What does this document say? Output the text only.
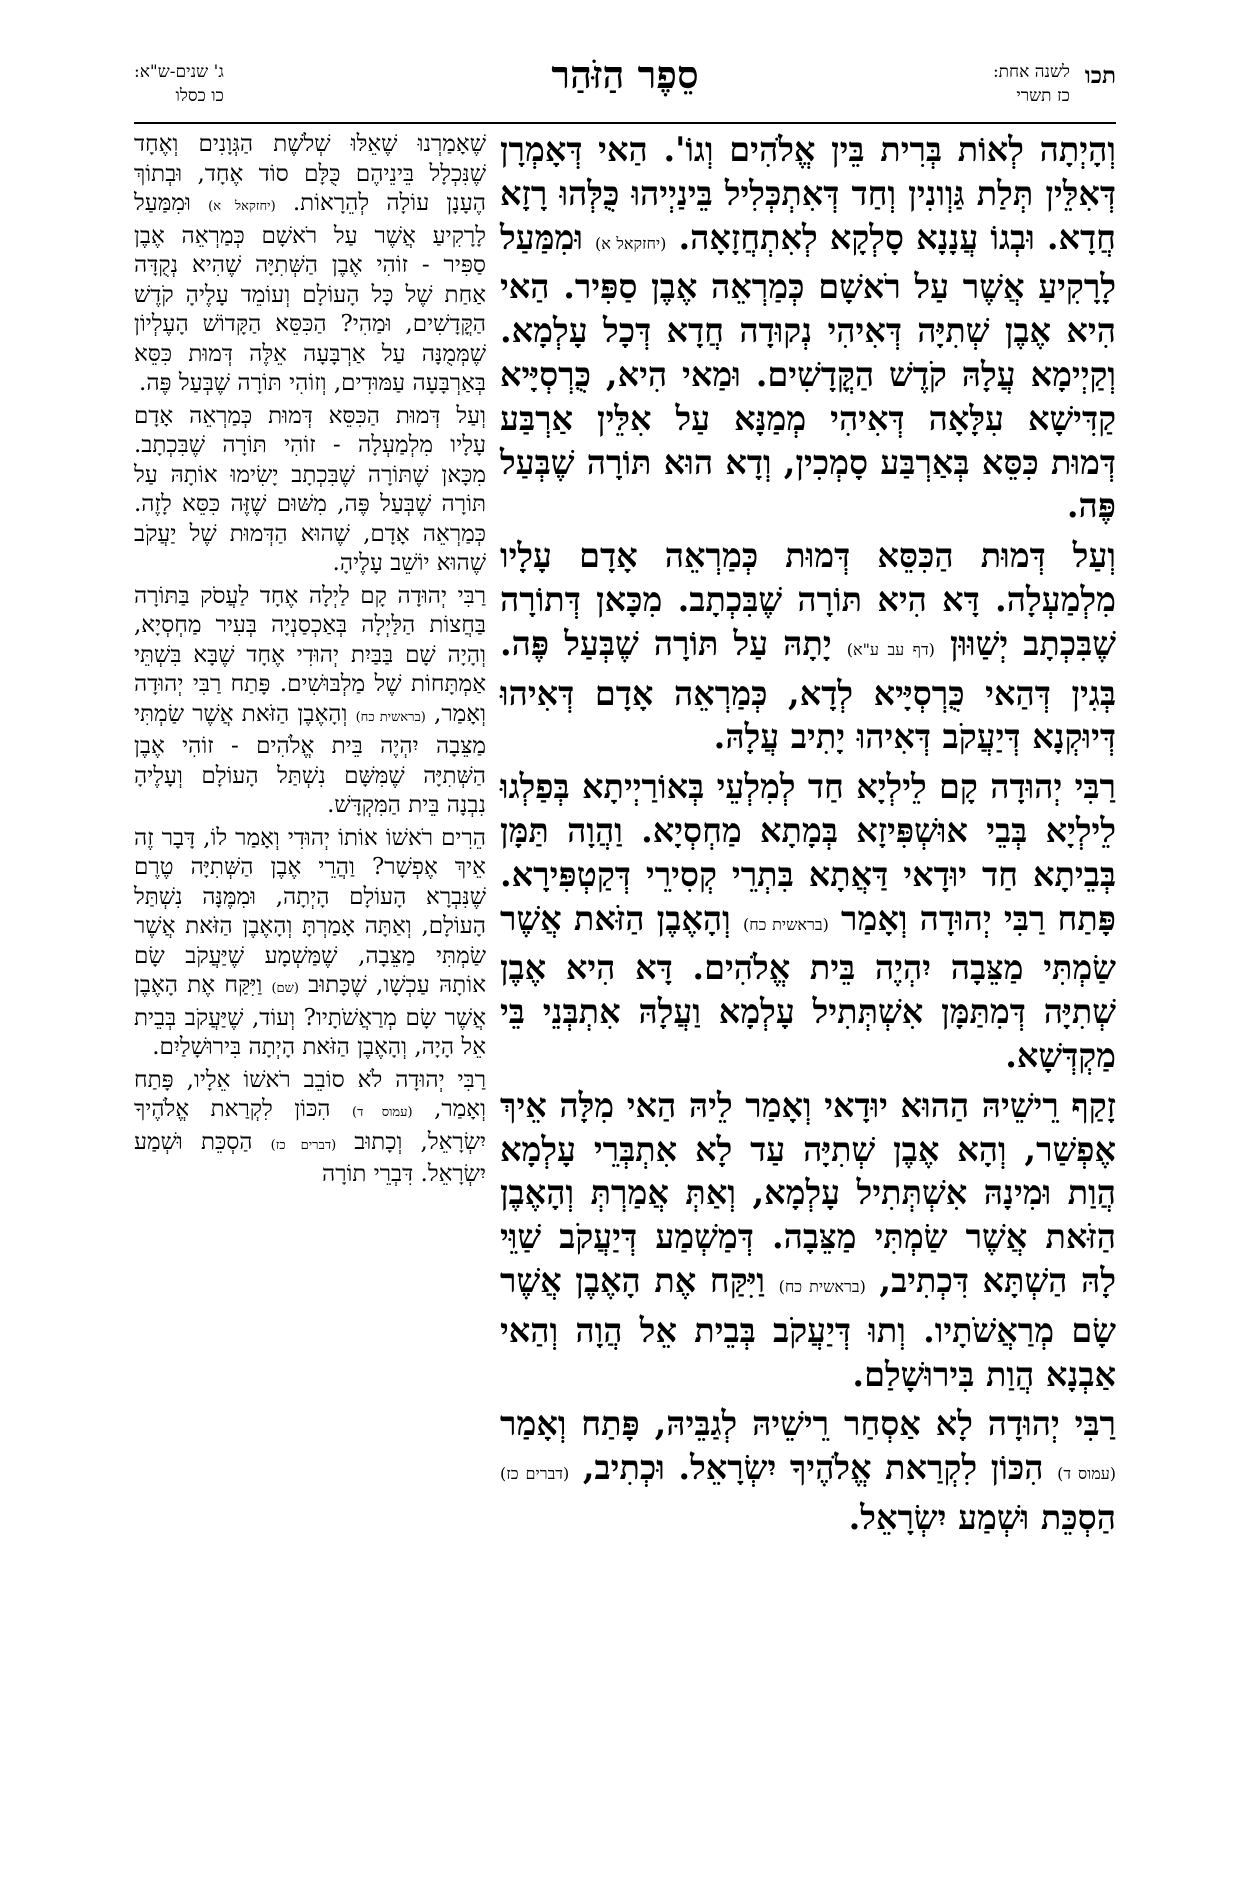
תכו
לשנה אחת:
כז תשרי
סֵפֶר הַזֹּהַר
ג' שנים-ש"א:
כו כסלו

וְהָיְתָה לְאוֹת בְּרִית בֵּין אֱלֹהִים וְגוֹ'. הַאי דְּאָמְרָן דְּאִלֵּין תְּלַת גַּוְונִין וְחַד דְּאִתְכְּלִיל בֵּינַיְיהוּ כֻּלְּהוּ רָזָא חֲדָא. וּבְגוֹ עֲנָנָא סָלְקָא לְאִתְחֲזָאָה. (יחזקאל א) וּמִמַּעַל לָרָקִיעַ אֲשֶׁר עַל רֹאשָׁם כְּמַרְאֵה אֶבֶן סַפִּיר. הַאי הִיא אֶבֶן שְׁתִיָּה דְּאִיהִי נְקוּדָה חֲדָא דְּכָל עָלְמָא. וְקַיְימָא עֲלָהּ קֹדֶשׁ הַקֳּדָשִׁים. וּמַאי הִיא, כֻּרְסְיָּיא קַדִּישָׁא עִלָּאָה דְּאִיהִי מְמַנָּא עַל אִלֵּין אַרְבַּע דְּמוּת כִּסֵּא בְּאַרְבַּע סָמְכִין, וְדָא הוּא תּוֹרָה שֶׁבְּעַל פֶּה.

וְעַל דְּמוּת הַכִּסֵּא דְּמוּת כְּמַרְאֵה אָדָם עָלָיו מִלְמַעְלָה. דָּא הִיא תּוֹרָה שֶׁבִּכְתָב. מִכָּאן דְּתוֹרָה שֶׁבִּכְתָב יְשַׁוּוּן (דף עב ע"א) יָתָהּ עַל תּוֹרָה שֶׁבְּעַל פֶּה. בְּגִין דְּהַאי כֻּרְסְיָּיא לְדָא, כְּמַרְאֵה אָדָם דְּאִיהוּ דְּיוּקְנָא דְּיַעֲקֹב דְּאִיהוּ יָתִיב עֲלָהּ.

רַבִּי יְהוּדָה קָם לֵילְיָא חַד לְמִלְעֵי בְּאוֹרַיְיתָא בְּפַלְגוּ לֵילְיָא בְּבֵי אוּשְׁפִּיזָא בְּמָתָא מַחְסְיָא. וַהֲוָה תַּמָּן בְּבֵיתָא חַד יוּדָאי דַּאֲתָא בִּתְרֵי קְסִירֵי דְּקַטְפִּירָא. פָּתַח רַבִּי יְהוּדָה וְאָמַר (בראשית כח) וְהָאֶבֶן הַזֹּאת אֲשֶׁר שַׂמְתִּי מַצֵּבָה יִהְיֶה בֵּית אֱלֹהִים. דָּא הִיא אֶבֶן שְׁתִיָּה דְּמִתַּמָּן אִשְׁתְּתִיל עָלְמָא וַעֲלָהּ אִתְבְּנֵי בֵּי מַקְדְּשָׁא.

זָקַף רֵישֵׁיהּ הַהוּא יוּדָאי וְאָמַר לֵיהּ הַאי מִלָּה אֵיךְ אֶפְשַׁר, וְהָא אֶבֶן שְׁתִיָּה עַד לָא אִתְבְּרֵי עָלְמָא הֲוַת וּמִינָהּ אִשְׁתְּתִיל עָלְמָא, וְאַתְּ אֲמַרְתְּ וְהָאֶבֶן הַזֹּאת אֲשֶׁר שַׂמְתִּי מַצֵּבָה. דְּמַשְׁמַע דְּיַעֲקֹב שַׁוֵּי לָהּ הַשְׁתָּא דִּכְתִיב, (בראשית כח) וַיִּקַּח אֶת הָאֶבֶן אֲשֶׁר שָׂם מְרַאֲשֹׁתָיו. וְתוּ דְּיַעֲקֹב בְּבֵית אֵל הֲוָה וְהַאי אַבְנָא הֲוַת בִּירוּשָׁלַם.

רַבִּי יְהוּדָה לָא אַסְחַר רֵישֵׁיהּ לְגַבֵּיהּ, פָּתַח וְאָמַר (עמוס ד) הִכּוֹן לִקְרַאת אֱלֹהֶיךָ יִשְׂרָאֵל. וּכְתִיב, (דברים כז) הַסְכֵּת וּשְׁמַע יִשְׂרָאֵל.

שֶׁאָמַרְנוּ שֶׁאֵלּוּ שְׁלֹשֶׁת הַגְּוָנִים וְאֶחָד שֶׁנִּכְלָל בֵּינֵיהֶם כֻּלָּם סוֹד אֶחָד, וּבְתוֹךְ הֶעָנָן עוֹלָה לְהֵרָאוֹת. (יחזקאל א) וּמִמַּעַל לָרָקִיעַ אֲשֶׁר עַל רֹאשָׁם כְּמַרְאֵה אֶבֶן סַפִּיר - זוֹהִי אֶבֶן הַשְּׁתִיָּה שֶׁהִיא נְקֻדָּה אַחַת שֶׁל כָּל הָעוֹלָם וְעוֹמֵד עָלֶיהָ קֹדֶשׁ הַקֳּדָשִׁים, וּמַהִי? הַכִּסֵּא הַקָּדוֹשׁ הָעֶלְיוֹן שֶׁמְּמֻנָּה עַל אַרְבָּעָה אֵלֶּה דְּמוּת כִּסֵּא בְּאַרְבָּעָה עַמּוּדִים, וְזוֹהִי תּוֹרָה שֶׁבְּעַל פֶּה.

וְעַל דְּמוּת הַכִּסֵּא דְּמוּת כְּמַרְאֵה אָדָם עָלָיו מִלְמַעְלָה - זוֹהִי תּוֹרָה שֶׁבִּכְתָב. מִכָּאן שֶׁתּוֹרָה שֶׁבִּכְתָב יָשִׂימוּ אוֹתָהּ עַל תּוֹרָה שֶׁבְּעַל פֶּה, מִשּׁוּם שֶׁזֶּה כִּסֵּא לָזֶה. כְּמַרְאֵה אָדָם, שֶׁהוּא הַדְּמוּת שֶׁל יַעֲקֹב שֶׁהוּא יוֹשֵׁב עָלֶיהָ.

רַבִּי יְהוּדָה קָם לַיְלָה אֶחָד לַעֲסֹק בַּתּוֹרָה בַּחֲצוֹת הַלַּיְלָה בְּאַכְסַנְיָה בְּעִיר מַחְסְיָא, וְהָיָה שָׁם בַּבַּיִת יְהוּדִי אֶחָד שֶׁבָּא בִּשְׁתֵּי אַמְתָּחוֹת שֶׁל מַלְבּוּשִׁים. פָּתַח רַבִּי יְהוּדָה וְאָמַר, (בראשית כח) וְהָאֶבֶן הַזֹּאת אֲשֶׁר שַׂמְתִּי מַצֵּבָה יִהְיֶה בֵּית אֱלֹהִים - זוֹהִי אֶבֶן הַשְּׁתִיָּה שֶׁמִּשָּׁם נִשְׁתַּל הָעוֹלָם וְעָלֶיהָ נִבְנָה בֵּית הַמִּקְדָּשׁ.

הֵרִים רֹאשׁוֹ אוֹתוֹ יְהוּדִי וְאָמַר לוֹ, דָּבָר זֶה אֵיךְ אֶפְשָׁר? וַהֲרֵי אֶבֶן הַשְּׁתִיָּה טֶרֶם שֶׁנִּבְרָא הָעוֹלָם הָיְתָה, וּמִמֶּנָּה נִשְׁתַּל הָעוֹלָם, וְאַתָּה אָמַרְתָּ וְהָאֶבֶן הַזֹּאת אֲשֶׁר שַׂמְתִּי מַצֵּבָה, שֶׁמַּשְׁמָע שֶׁיַּעֲקֹב שָׂם אוֹתָהּ עַכְשָׁו, שֶׁכָּתוּב (שם) וַיִּקַּח אֶת הָאֶבֶן אֲשֶׁר שָׂם מְרַאֲשֹׁתָיו? וְעוֹד, שֶׁיַּעֲקֹב בְּבֵית אֵל הָיָה, וְהָאֶבֶן הַזֹּאת הָיְתָה בִּירוּשָׁלַיִם.

רַבִּי יְהוּדָה לֹא סוֹבֵב רֹאשׁוֹ אֵלָיו, פָּתַח וְאָמַר, (עמוס ד) הִכּוֹן לִקְרַאת אֱלֹהֶיךָ יִשְׂרָאֵל, וְכָתוּב (דברים כז) הַסְכֵּת וּשְׁמַע יִשְׂרָאֵל. דִּבְרֵי תוֹרָה
